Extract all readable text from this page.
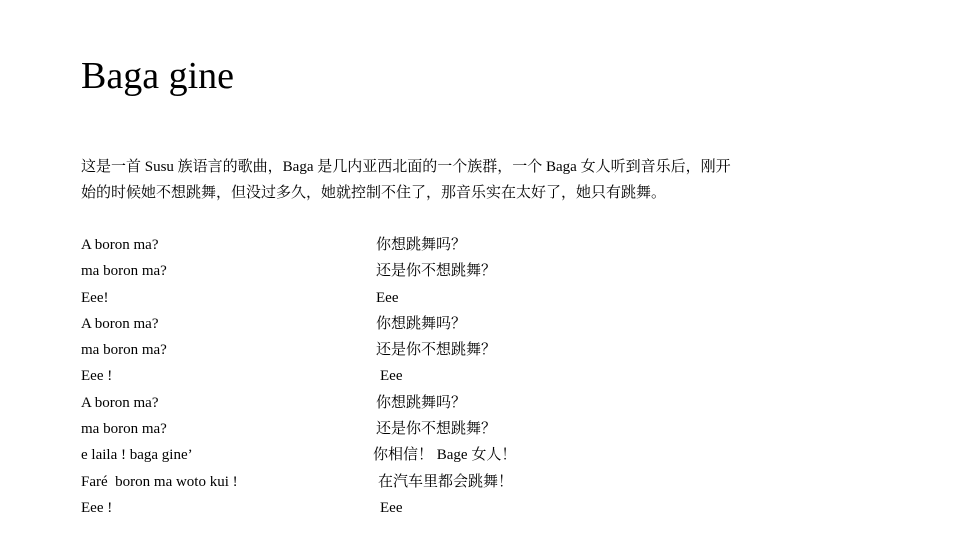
Baga gine

这是一首 Susu 族语言的歌曲，Baga 是几内亚西北面的一个族群，一个 Baga 女人听到音乐后，刚开

始的时候她不想跳舞，但没过多久，她就控制不住了，那音乐实在太好了，她只有跳舞。

A boron ma?	你想跳舞吗？
ma boron ma?	还是你不想跳舞？
Eee!	Eee
A boron ma?	你想跳舞吗？
ma boron ma?	还是你不想跳舞？
Eee !	Eee
A boron ma?	你想跳舞吗？
ma boron ma?	还是你不想跳舞？
e laila ! baga gine’	你相信！ Bage 女人！
Faré  boron ma woto kui !	在汽车里都会跳舞！
Eee !	Eee
